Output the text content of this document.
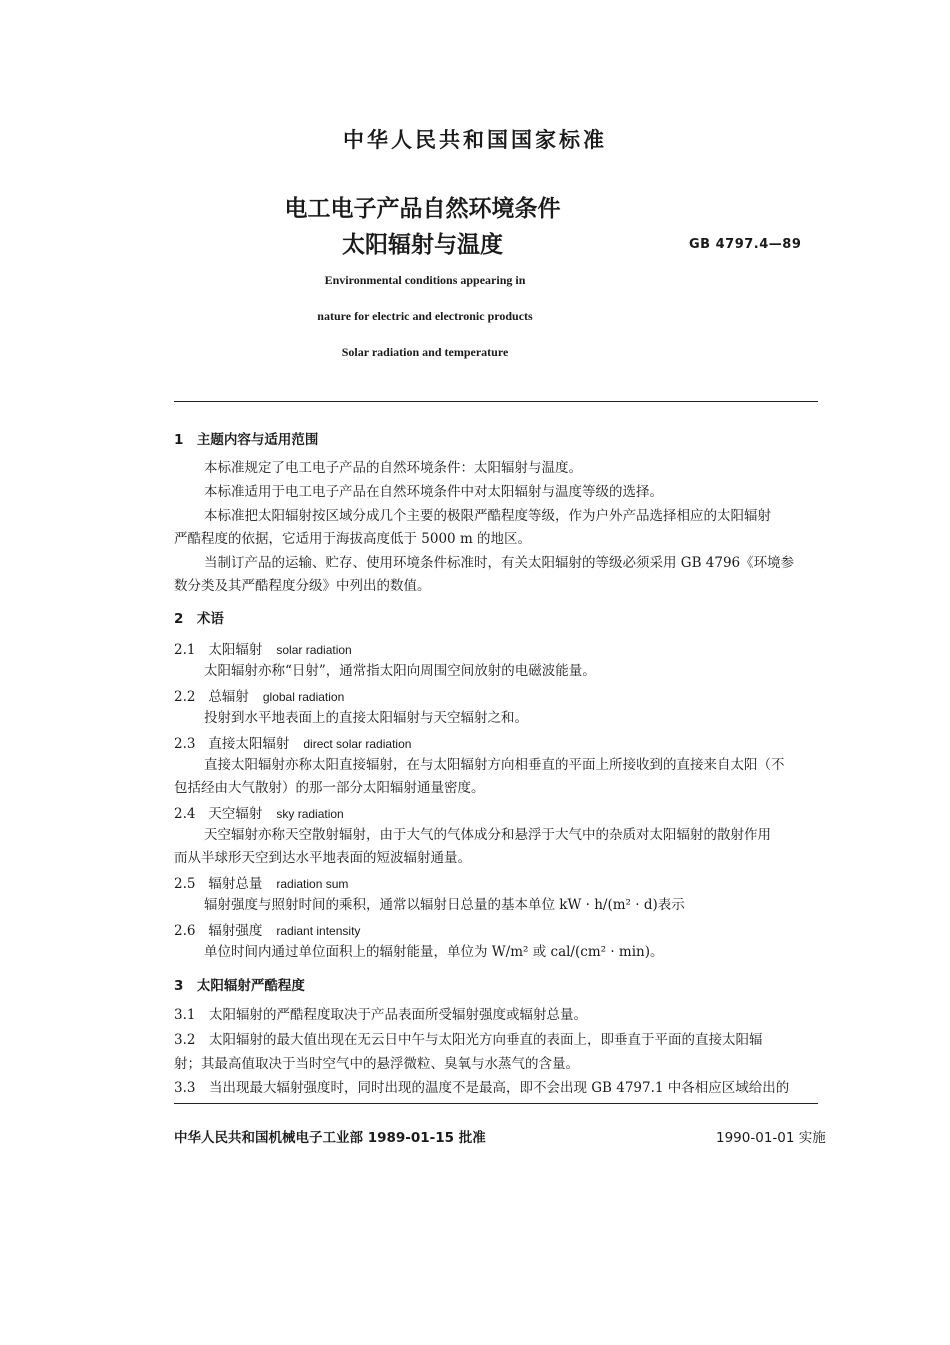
中华人民共和国国家标准
电工电子产品自然环境条件
太阳辐射与温度	GB 4797.4—89
Environmental conditions appearing in
nature for electric and electronic products
Solar radiation and temperature
1　主题内容与适用范围
本标准规定了电工电子产品的自然环境条件：太阳辐射与温度。
本标准适用于电工电子产品在自然环境条件中对太阳辐射与温度等级的选择。
本标准把太阳辐射按区域分成几个主要的极限严酷程度等级，作为户外产品选择相应的太阳辐射
严酷程度的依据，它适用于海拔高度低于 5000 m 的地区。
当制订产品的运输、贮存、使用环境条件标准时，有关太阳辐射的等级必须采用 GB 4796《环境参
数分类及其严酷程度分级》中列出的数值。
2　术语
2.1 太阳辐射 solar radiation
太阳辐射亦称“日射”，通常指太阳向周围空间放射的电磁波能量。
2.2 总辐射 global radiation
投射到水平地表面上的直接太阳辐射与天空辐射之和。
2.3 直接太阳辐射 direct solar radiation
直接太阳辐射亦称太阳直接辐射，在与太阳辐射方向相垂直的平面上所接收到的直接来自太阳（不
包括经由大气散射）的那一部分太阳辐射通量密度。
2.4 天空辐射 sky radiation
天空辐射亦称天空散射辐射，由于大气的气体成分和悬浮于大气中的杂质对太阳辐射的散射作用
而从半球形天空到达水平地表面的短波辐射通量。
2.5 辐射总量 radiation sum
辐射强度与照射时间的乘积，通常以辐射日总量的基本单位 kW · h/(m² · d)表示
2.6 辐射强度 radiant intensity
单位时间内通过单位面积上的辐射能量，单位为 W/m² 或 cal/(cm² · min)。
3　太阳辐射严酷程度
3.1　太阳辐射的严酷程度取决于产品表面所受辐射强度或辐射总量。
3.2　太阳辐射的最大值出现在无云日中午与太阳光方向垂直的表面上，即垂直于平面的直接太阳辐
射；其最高值取决于当时空气中的悬浮微粒、臭氧与水蒸气的含量。
3.3　当出现最大辐射强度时，同时出现的温度不是最高，即不会出现 GB 4797.1 中各相应区域给出的
中华人民共和国机械电子工业部 1989-01-15 批准	1990-01-01 实施
